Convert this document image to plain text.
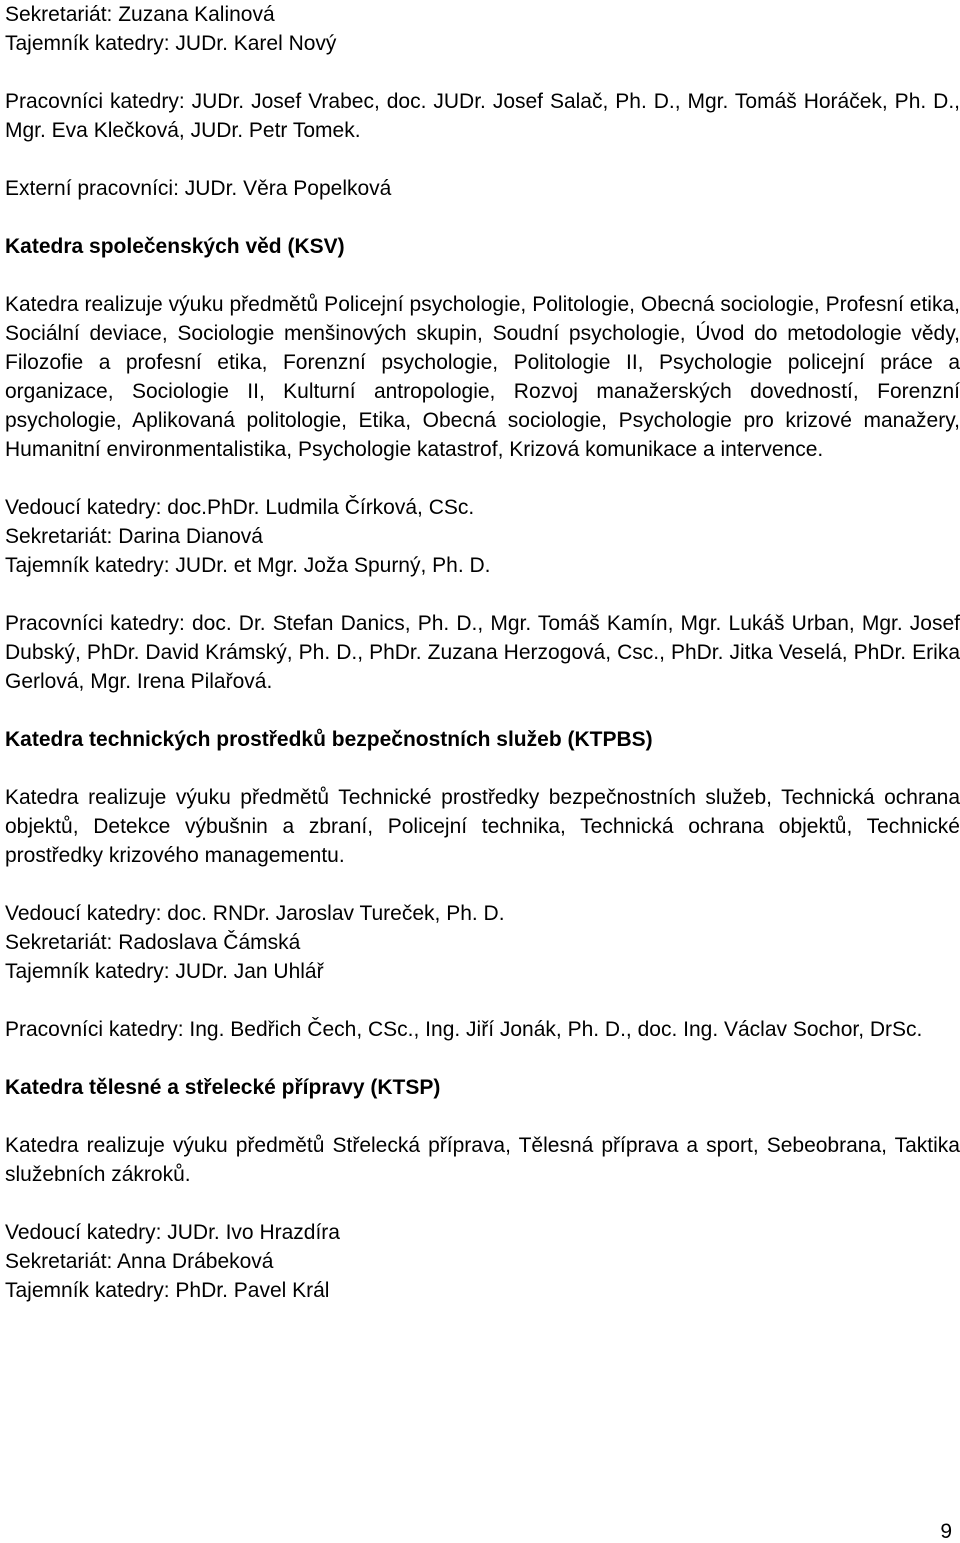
Sekretariát: Zuzana Kalinová

Tajemník katedry: JUDr. Karel Nový

Pracovníci katedry: JUDr. Josef Vrabec, doc. JUDr. Josef Salač, Ph. D., Mgr. Tomáš Horáček, Ph. D., Mgr. Eva Klečková, JUDr. Petr Tomek.

Externí pracovníci: JUDr. Věra Popelková

Katedra společenských věd (KSV)

Katedra realizuje výuku předmětů Policejní psychologie, Politologie, Obecná sociologie, Profesní etika, Sociální deviace, Sociologie menšinových skupin, Soudní psychologie, Úvod do metodologie vědy, Filozofie a profesní etika, Forenzní psychologie, Politologie II, Psychologie policejní práce a organizace, Sociologie II, Kulturní antropologie, Rozvoj manažerských dovedností, Forenzní psychologie, Aplikovaná politologie, Etika, Obecná sociologie, Psychologie pro krizové manažery, Humanitní environmentalistika, Psychologie katastrof, Krizová komunikace a intervence.

Vedoucí katedry: doc.PhDr. Ludmila Čírková, CSc.

Sekretariát: Darina Dianová

Tajemník katedry: JUDr. et Mgr. Joža Spurný, Ph. D.

Pracovníci katedry: doc. Dr. Stefan Danics, Ph. D., Mgr. Tomáš Kamín, Mgr. Lukáš Urban, Mgr. Josef Dubský, PhDr. David Krámský, Ph. D., PhDr. Zuzana Herzogová, Csc., PhDr. Jitka Veselá, PhDr. Erika Gerlová, Mgr. Irena Pilařová.

Katedra technických prostředků bezpečnostních služeb (KTPBS)

Katedra realizuje výuku předmětů Technické prostředky bezpečnostních služeb, Technická ochrana objektů, Detekce výbušnin a zbraní, Policejní technika, Technická ochrana objektů, Technické prostředky krizového managementu.

Vedoucí katedry: doc. RNDr. Jaroslav Tureček, Ph. D.

Sekretariát: Radoslava Čámská

Tajemník katedry: JUDr. Jan Uhlář

Pracovníci katedry: Ing. Bedřich Čech, CSc., Ing. Jiří Jonák, Ph. D., doc. Ing. Václav Sochor, DrSc.

Katedra tělesné a střelecké přípravy (KTSP)

Katedra realizuje výuku předmětů Střelecká příprava, Tělesná příprava a sport, Sebeobrana, Taktika služebních zákroků.

Vedoucí katedry: JUDr. Ivo Hrazdíra

Sekretariát: Anna Drábeková

Tajemník katedry: PhDr. Pavel Král

9
